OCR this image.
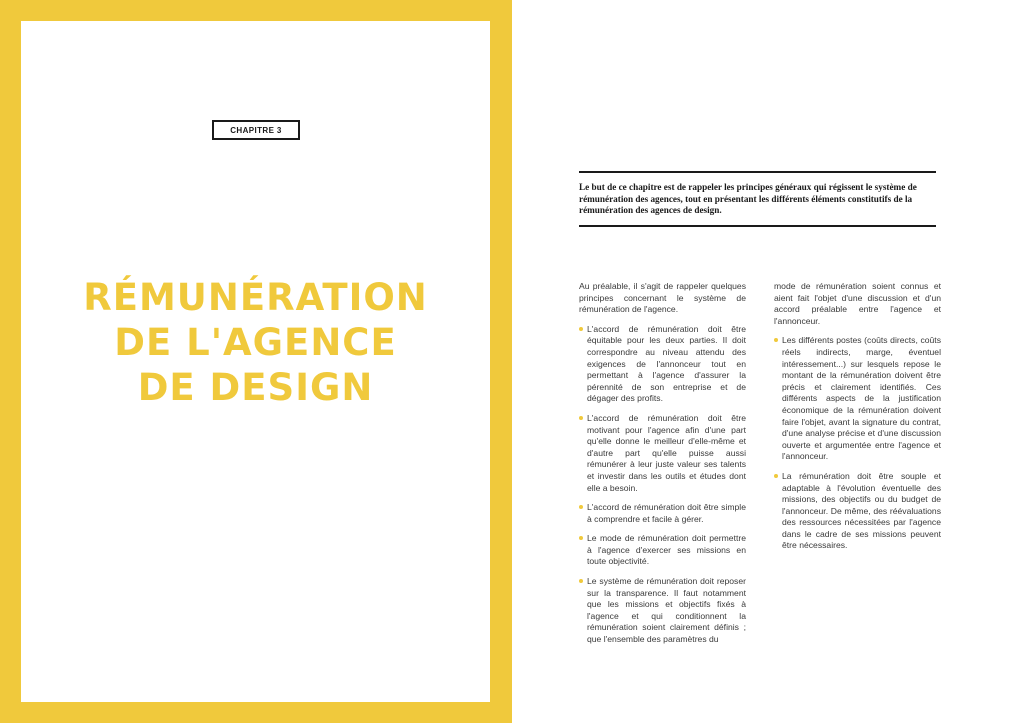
CHAPITRE 3
RÉMUNÉRATION
DE L'AGENCE
DE DESIGN

Le but de ce chapitre est de rappeler les principes généraux qui régissent le système de rémunération des agences, tout en présentant les différents éléments constitutifs de la rémunération des agences de design.

Au préalable, il s'agit de rappeler quelques principes concernant le système de rémunération de l'agence.

L'accord de rémunération doit être équitable pour les deux parties. Il doit correspondre au niveau attendu des exigences de l'annonceur tout en permettant à l'agence d'assurer la pérennité de son entreprise et de dégager des profits.
L'accord de rémunération doit être motivant pour l'agence afin d'une part qu'elle donne le meilleur d'elle-même et d'autre part qu'elle puisse aussi rémunérer à leur juste valeur ses talents et investir dans les outils et études dont elle a besoin.
L'accord de rémunération doit être simple à comprendre et facile à gérer.
Le mode de rémunération doit permettre à l'agence d'exercer ses missions en toute objectivité.
Le système de rémunération doit reposer sur la transparence. Il faut notamment que les missions et objectifs fixés à l'agence et qui conditionnent la rémunération soient clairement définis ; que l'ensemble des paramètres du

mode de rémunération soient connus et aient fait l'objet d'une discussion et d'un accord préalable entre l'agence et l'annonceur.

Les différents postes (coûts directs, coûts réels indirects, marge, éventuel intéressement...) sur lesquels repose le montant de la rémunération doivent être précis et clairement identifiés. Ces différents aspects de la justification économique de la rémunération doivent faire l'objet, avant la signature du contrat, d'une analyse précise et d'une discussion ouverte et argumentée entre l'agence et l'annonceur.
La rémunération doit être souple et adaptable à l'évolution éventuelle des missions, des objectifs ou du budget de l'annonceur. De même, des réévaluations des ressources nécessitées par l'agence dans le cadre de ses missions peuvent être nécessaires.
